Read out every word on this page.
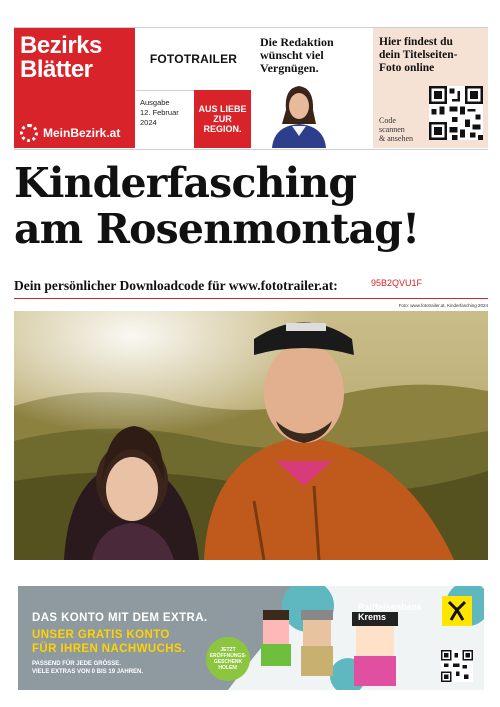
Bezirks
Blätter
MeinBezirk.at
FOTOTRAILER
Ausgabe
12. Februar
2024
AUS LIEBE
ZUR
REGION.
Die Redaktion
wünscht viel
Vergnügen.
Hier findest du
dein Titelseiten-
Foto online
Code
scannen
& ansehen
Kinderfasching
am Rosenmontag!
Dein persönlicher Downloadcode für www.fototrailer.at:	95B2QVU1F
Foto: www.fototrailer.at, Kinderfasching 2024
DAS KONTO MIT DEM EXTRA.
UNSER GRATIS KONTO
FÜR IHREN NACHWUCHS.
PASSEND FÜR JEDE GRÖSSE.
VIELE EXTRAS VON 0 BIS 19 JAHREN.
JETZT
ERÖFFNUNGS-
GESCHENK
HOLEN!
Raiffeisenbank
Krems
